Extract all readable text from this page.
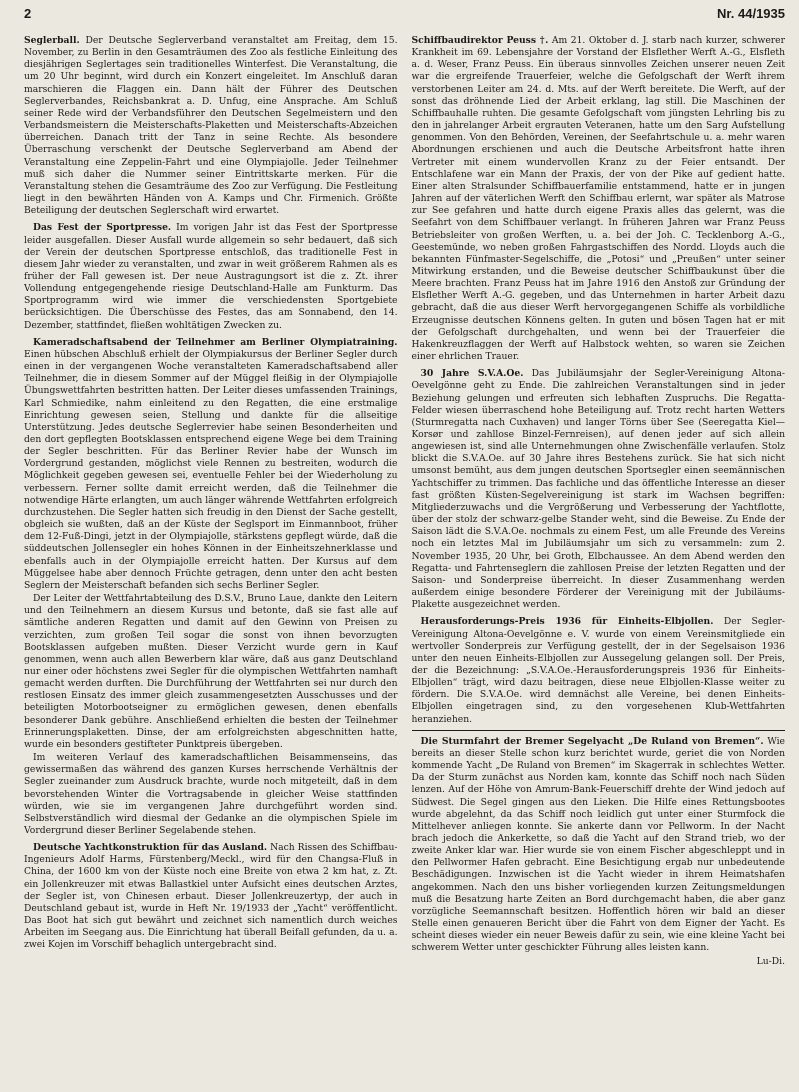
2	Nr. 44/1935

Seglerball. Der Deutsche Seglerverband veranstaltet am Freitag, dem 15. November, zu Berlin in den Gesamträumen des Zoo als festliche Einleitung des diesjährigen Seglertages sein traditionelles Winterfest. Die Veranstaltung, die um 20 Uhr beginnt, wird durch ein Konzert eingeleitet. Im Anschluß daran marschieren die Flaggen ein. Dann hält der Führer des Deutschen Seglerverbandes, Reichsbankrat a. D. Unfug, eine Ansprache. Am Schluß seiner Rede wird der Verbandsführer den Deutschen Segelmeistern und den Verbandsmeistern die Meisterschafts-Plaketten und Meisterschafts-Abzeichen überreichen. Danach tritt der Tanz in seine Rechte. Als besondere Überraschung verschenkt der Deutsche Seglerverband am Abend der Veranstaltung eine Zeppelin-Fahrt und eine Olympiajolle. Jeder Teilnehmer muß sich daher die Nummer seiner Eintrittskarte merken. Für die Veranstaltung stehen die Gesamträume des Zoo zur Verfügung. Die Festleitung liegt in den bewährten Händen von A. Kamps und Chr. Firmenich. Größte Beteiligung der deutschen Seglerschaft wird erwartet.

Das Fest der Sportpresse. Im vorigen Jahr ist das Fest der Sportpresse leider ausgefallen. Dieser Ausfall wurde allgemein so sehr bedauert, daß sich der Verein der deutschen Sportpresse entschloß, das traditionelle Fest in diesem Jahr wieder zu veranstalten, und zwar in weit größerem Rahmen als es früher der Fall gewesen ist. Der neue Austragungsort ist die z. Zt. ihrer Vollendung entgegengehende riesige Deutschland-Halle am Funkturm. Das Sportprogramm wird wie immer die verschiedensten Sportgebiete berücksichtigen. Die Überschüsse des Festes, das am Sonnabend, den 14. Dezember, stattfindet, fließen wohltätigen Zwecken zu.

Kameradschaftsabend der Teilnehmer am Berliner Olympiatraining. Einen hübschen Abschluß erhielt der Olympiakursus der Berliner Segler durch einen in der vergangenen Woche veranstalteten Kameradschaftsabend aller Teilnehmer, die in diesem Sommer auf der Müggel fleißig in der Olympiajolle Übungswettfahrten bestritten hatten. Der Leiter dieses umfassenden Trainings, Karl Schmiedike, nahm einleitend zu den Regatten, die eine erstmalige Einrichtung gewesen seien, Stellung und dankte für die allseitige Unterstützung. Jedes deutsche Seglerrevier habe seinen Besonderheiten und den dort gepflegten Bootsklassen entsprechend eigene Wege bei dem Training der Segler beschritten. Für das Berliner Revier habe der Wunsch im Vordergrund gestanden, möglichst viele Rennen zu bestreiten, wodurch die Möglichkeit gegeben gewesen sei, eventuelle Fehler bei der Wiederholung zu verbessern. Ferner sollte damit erreicht werden, daß die Teilnehmer die notwendige Härte erlangten, um auch länger währende Wettfahrten erfolgreich durchzustehen. Die Segler hatten sich freudig in den Dienst der Sache gestellt, obgleich sie wußten, daß an der Küste der Seglsport im Einmannboot, früher dem 12-Fuß-Dingi, jetzt in der Olympiajolle, stärkstens gepflegt würde, daß die süddeutschen Jollensegler ein hohes Können in der Einheitszehnerklasse und ebenfalls auch in der Olympiajolle erreicht hatten. Der Kursus auf dem Müggelsee habe aber dennoch Früchte getragen, denn unter den acht besten Seglern der Meisterschaft befanden sich sechs Berliner Segler.

Der Leiter der Wettfahrtabteilung des D.S.V., Bruno Laue, dankte den Leitern und den Teilnehmern an diesem Kursus und betonte, daß sie fast alle auf sämtliche anderen Regatten und damit auf den Gewinn von Preisen zu verzichten, zum großen Teil sogar die sonst von ihnen bevorzugten Bootsklassen aufgeben mußten. Dieser Verzicht wurde gern in Kauf genommen, wenn auch allen Bewerbern klar wäre, daß aus ganz Deutschland nur einer oder höchstens zwei Segler für die olympischen Wettfahrten namhaft gemacht werden durften. Die Durchführung der Wettfahrten sei nur durch den restlosen Einsatz des immer gleich zusammengesetzten Ausschusses und der beteiligten Motorbootseigner zu ermöglichen gewesen, denen ebenfalls besonderer Dank gebühre. Anschließend erhielten die besten der Teilnehmer Erinnerungsplaketten. Dinse, der am erfolgreichsten abgeschnitten hatte, wurde ein besonders gestifteter Punktpreis übergeben.

Im weiteren Verlauf des kameradschaftlichen Beisammenseins, das gewissermaßen das während des ganzen Kurses herrschende Verhältnis der Segler zueinander zum Ausdruck brachte, wurde noch mitgeteilt, daß in dem bevorstehenden Winter die Vortragsabende in gleicher Weise stattfinden würden, wie sie im vergangenen Jahre durchgeführt worden sind. Selbstverständlich wird diesmal der Gedanke an die olympischen Spiele im Vordergrund dieser Berliner Segelabende stehen.

Deutsche Yachtkonstruktion für das Ausland. Nach Rissen des Schiffbau-Ingenieurs Adolf Harms, Fürstenberg/Meckl., wird für den Changsa-Fluß in China, der 1600 km von der Küste noch eine Breite von etwa 2 km hat, z. Zt. ein Jollenkreuzer mit etwas Ballastkiel unter Aufsicht eines deutschen Arztes, der Segler ist, von Chinesen erbaut. Dieser Jollenkreuzertyp, der auch in Deutschland gebaut ist, wurde in Heft Nr. 19/1933 der „Yacht“ veröffentlicht. Das Boot hat sich gut bewährt und zeichnet sich namentlich durch weiches Arbeiten im Seegang aus. Die Einrichtung hat überall Beifall gefunden, da u. a. zwei Kojen im Vorschiff behaglich untergebracht sind.

Schiffbaudirektor Peuss †. Am 21. Oktober d. J. starb nach kurzer, schwerer Krankheit im 69. Lebensjahre der Vorstand der Elsflether Werft A.-G., Elsfleth a. d. Weser, Franz Peuss. Ein überaus sinnvolles Zeichen unserer neuen Zeit war die ergreifende Trauerfeier, welche die Gefolgschaft der Werft ihrem verstorbenen Leiter am 24. d. Mts. auf der Werft bereitete. Die Werft, auf der sonst das dröhnende Lied der Arbeit erklang, lag still. Die Maschinen der Schiffbauhalle ruhten. Die gesamte Gefolgschaft vom jüngsten Lehrling bis zu den in jahrelanger Arbeit ergrauten Veteranen, hatte um den Sarg Aufstellung genommen. Von den Behörden, Vereinen, der Seefahrtschule u. a. mehr waren Abordnungen erschienen und auch die Deutsche Arbeitsfront hatte ihren Vertreter mit einem wundervollen Kranz zu der Feier entsandt. Der Entschlafene war ein Mann der Praxis, der von der Pike auf gedient hatte. Einer alten Stralsunder Schiffbauerfamilie entstammend, hatte er in jungen Jahren auf der väterlichen Werft den Schiffbau erlernt, war später als Matrose zur See gefahren und hatte durch eigene Praxis alles das gelernt, was die Seefahrt von dem Schiffbauer verlangt. In früheren Jahren war Franz Peuss Betriebsleiter von großen Werften, u. a. bei der Joh. C. Tecklenborg A.-G., Geestemünde, wo neben großen Fahrgastschiffen des Nordd. Lloyds auch die bekannten Fünfmaster-Segelschiffe, die „Potosi“ und „Preußen“ unter seiner Mitwirkung erstanden, und die Beweise deutscher Schiffbaukunst über die Meere brachten. Franz Peuss hat im Jahre 1916 den Anstoß zur Gründung der Elsflether Werft A.-G. gegeben, und das Unternehmen in harter Arbeit dazu gebracht, daß die aus dieser Werft hervorgegangenen Schiffe als vorbildliche Erzeugnisse deutschen Könnens gelten. In guten und bösen Tagen hat er mit der Gefolgschaft durchgehalten, und wenn bei der Trauerfeier die Hakenkreuzflaggen der Werft auf Halbstock wehten, so waren sie Zeichen einer ehrlichen Trauer.

30 Jahre S.V.A.Oe. Das Jubiläumsjahr der Segler-Vereinigung Altona-Oevelgönne geht zu Ende. Die zahlreichen Veranstaltungen sind in jeder Beziehung gelungen und erfreuten sich lebhaften Zuspruchs. Die Regatta-Felder wiesen überraschend hohe Beteiligung auf. Trotz recht harten Wetters (Sturmregatta nach Cuxhaven) und langer Törns über See (Seeregatta Kiel—Korsør und zahllose Binzel-Fernreisen), auf denen jeder auf sich allein angewiesen ist, sind alle Unternehmungen ohne Zwischenfälle verlaufen. Stolz blickt die S.V.A.Oe. auf 30 Jahre ihres Bestehens zurück. Sie hat sich nicht umsonst bemüht, aus dem jungen deutschen Sportsegler einen seemännischen Yachtschiffer zu trimmen. Das fachliche und das öffentliche Interesse an dieser fast größten Küsten-Segelvereinigung ist stark im Wachsen begriffen: Mitgliederzuwachs und die Vergrößerung und Verbesserung der Yachtflotte, über der stolz der schwarz-gelbe Stander weht, sind die Beweise. Zu Ende der Saison lädt die S.V.A.Oe. nochmals zu einem Fest, um alle Freunde des Vereins noch ein letztes Mal im Jubiläumsjahr um sich zu versammeln: zum 2. November 1935, 20 Uhr, bei Groth, Elbchaussee. An dem Abend werden den Regatta- und Fahrtenseglern die zahllosen Preise der letzten Regatten und der Saison- und Sonderpreise überreicht. In dieser Zusammenhang werden außerdem einige besondere Förderer der Vereinigung mit der Jubiläums-Plakette ausgezeichnet werden.

Herausforderungs-Preis 1936 für Einheits-Elbjollen. Der Segler-Vereinigung Altona-Oevelgönne e. V. wurde von einem Vereinsmitgliede ein wertvoller Sonderpreis zur Verfügung gestellt, der in der Segelsaison 1936 unter den neuen Einheits-Elbjollen zur Aussegelung gelangen soll. Der Preis, der die Bezeichnung: „S.V.A.Oe.-Herausforderungspreis 1936 für Einheits-Elbjollen“ trägt, wird dazu beitragen, diese neue Elbjollen-Klasse weiter zu fördern. Die S.V.A.Oe. wird demnächst alle Vereine, bei denen Einheits-Elbjollen eingetragen sind, zu den vorgesehenen Klub-Wettfahrten heranziehen.

Die Sturmfahrt der Bremer Segelyacht „De Ruland von Bremen“. Wie bereits an dieser Stelle schon kurz berichtet wurde, geriet die von Norden kommende Yacht „De Ruland von Bremen“ im Skagerrak in schlechtes Wetter. Da der Sturm zunächst aus Norden kam, konnte das Schiff noch nach Süden lenzen. Auf der Höhe von Amrum-Bank-Feuerschiff drehte der Wind jedoch auf Südwest. Die Segel gingen aus den Lieken. Die Hilfe eines Rettungsbootes wurde abgelehnt, da das Schiff noch leidlich gut unter einer Sturmfock die Mittelhever anliegen konnte. Sie ankerte dann vor Pellworm. In der Nacht brach jedoch die Ankerkette, so daß die Yacht auf den Strand trieb, wo der zweite Anker klar war. Hier wurde sie von einem Fischer abgeschleppt und in den Pellwormer Hafen gebracht. Eine Besichtigung ergab nur unbedeutende Beschädigungen. Inzwischen ist die Yacht wieder in ihrem Heimatshafen angekommen. Nach den uns bisher vorliegenden kurzen Zeitungsmeldungen muß die Besatzung harte Zeiten an Bord durchgemacht haben, die aber ganz vorzügliche Seemannschaft besitzen. Hoffentlich hören wir bald an dieser Stelle einen genaueren Bericht über die Fahrt von dem Eigner der Yacht. Es scheint dieses wieder ein neuer Beweis dafür zu sein, wie eine kleine Yacht bei schwerem Wetter unter geschickter Führung alles leisten kann.

Lu-Di.
